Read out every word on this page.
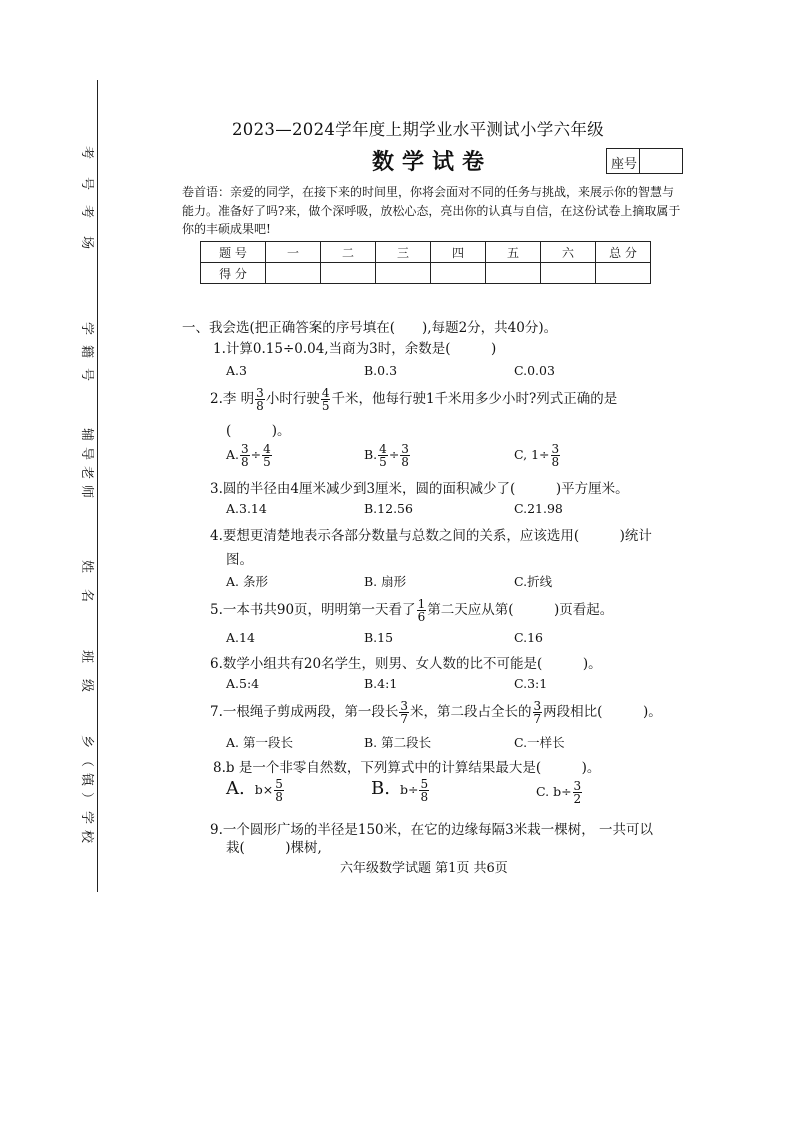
考号
考场
学籍号
辅导老师
姓名
班级
乡（镇）学校
2023—2024学年度上期学业水平测试小学六年级
数学试卷	座号
卷首语：亲爱的同学，在接下来的时间里，你将会面对不同的任务与挑战，来展示你的智慧与能力。准备好了吗?来，做个深呼吸，放松心态，亮出你的认真与自信，在这份试卷上摘取属于你的丰硕成果吧!
题 号	一	二	三	四	五	六	总 分
得 分							
一、我会选(把正确答案的序号填在(　　),每题2分，共40分)。
1.计算0.15÷0.04,当商为3时，余数是(　　　)
A.3	B.0.3	C.0.03
2.李 明 $\frac{3}{8}$ 小时行驶 $\frac{4}{5}$ 千米，他每行驶1千米用多少小时?列式正确的是
(　　　)。
A. $\frac{3}{8} \div \frac{4}{5}$	B. $\frac{4}{5} \div \frac{3}{8}$	C, $1\div \frac{3}{8}$
3.圆的半径由4厘米减少到3厘米，圆的面积减少了(　　　)平方厘米。
A.3.14	B.12.56	C.21.98
4.要想更清楚地表示各部分数量与总数之间的关系，应该选用(　　　)统计
图。
A. 条形	B. 扇形	C.折线
5.一本书共90页，明明第一天看了 $\frac{1}{6}$ 第二天应从第(　　　)页看起。
A.14	B.15	C.16
6.数学小组共有20名学生，则男、女人数的比不可能是(　　　)。
A.5:4	B.4:1	C.3:1
7.一根绳子剪成两段，第一段长 $\frac{3}{7}$ 米，第二段占全长的 $\frac{3}{7}$ 两段相比(　　　)。
A. 第一段长	B. 第二段长	C.一样长
8.b 是一个非零自然数，下列算式中的计算结果最大是(　　　)。
A. $b\times \frac{5}{8}$	B. $b\div \frac{5}{8}$	C. $b\div \frac{3}{2}$
9.一个圆形广场的半径是150米，在它的边缘每隔3米栽一棵树， 一共可以
栽(　　　)棵树,
六年级数学试题 第1页 共6页
